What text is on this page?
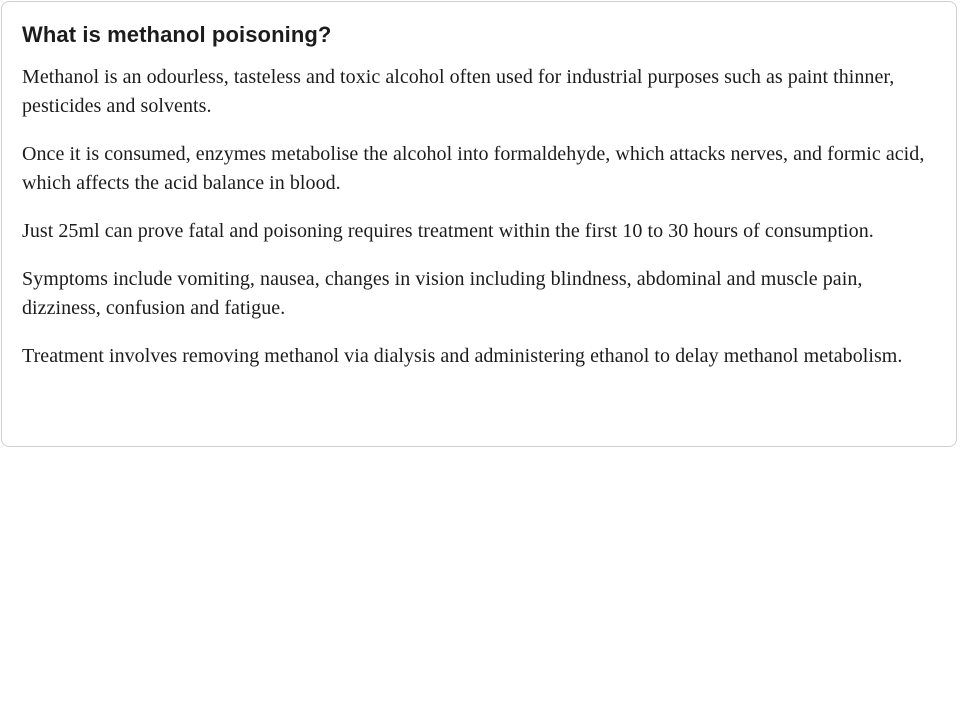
What is methanol poisoning?

Methanol is an odourless, tasteless and toxic alcohol often used for industrial purposes such as paint thinner, pesticides and solvents.

Once it is consumed, enzymes metabolise the alcohol into formaldehyde, which attacks nerves, and formic acid, which affects the acid balance in blood.

Just 25ml can prove fatal and poisoning requires treatment within the first 10 to 30 hours of consumption.

Symptoms include vomiting, nausea, changes in vision including blindness, abdominal and muscle pain, dizziness, confusion and fatigue.

Treatment involves removing methanol via dialysis and administering ethanol to delay methanol metabolism.
